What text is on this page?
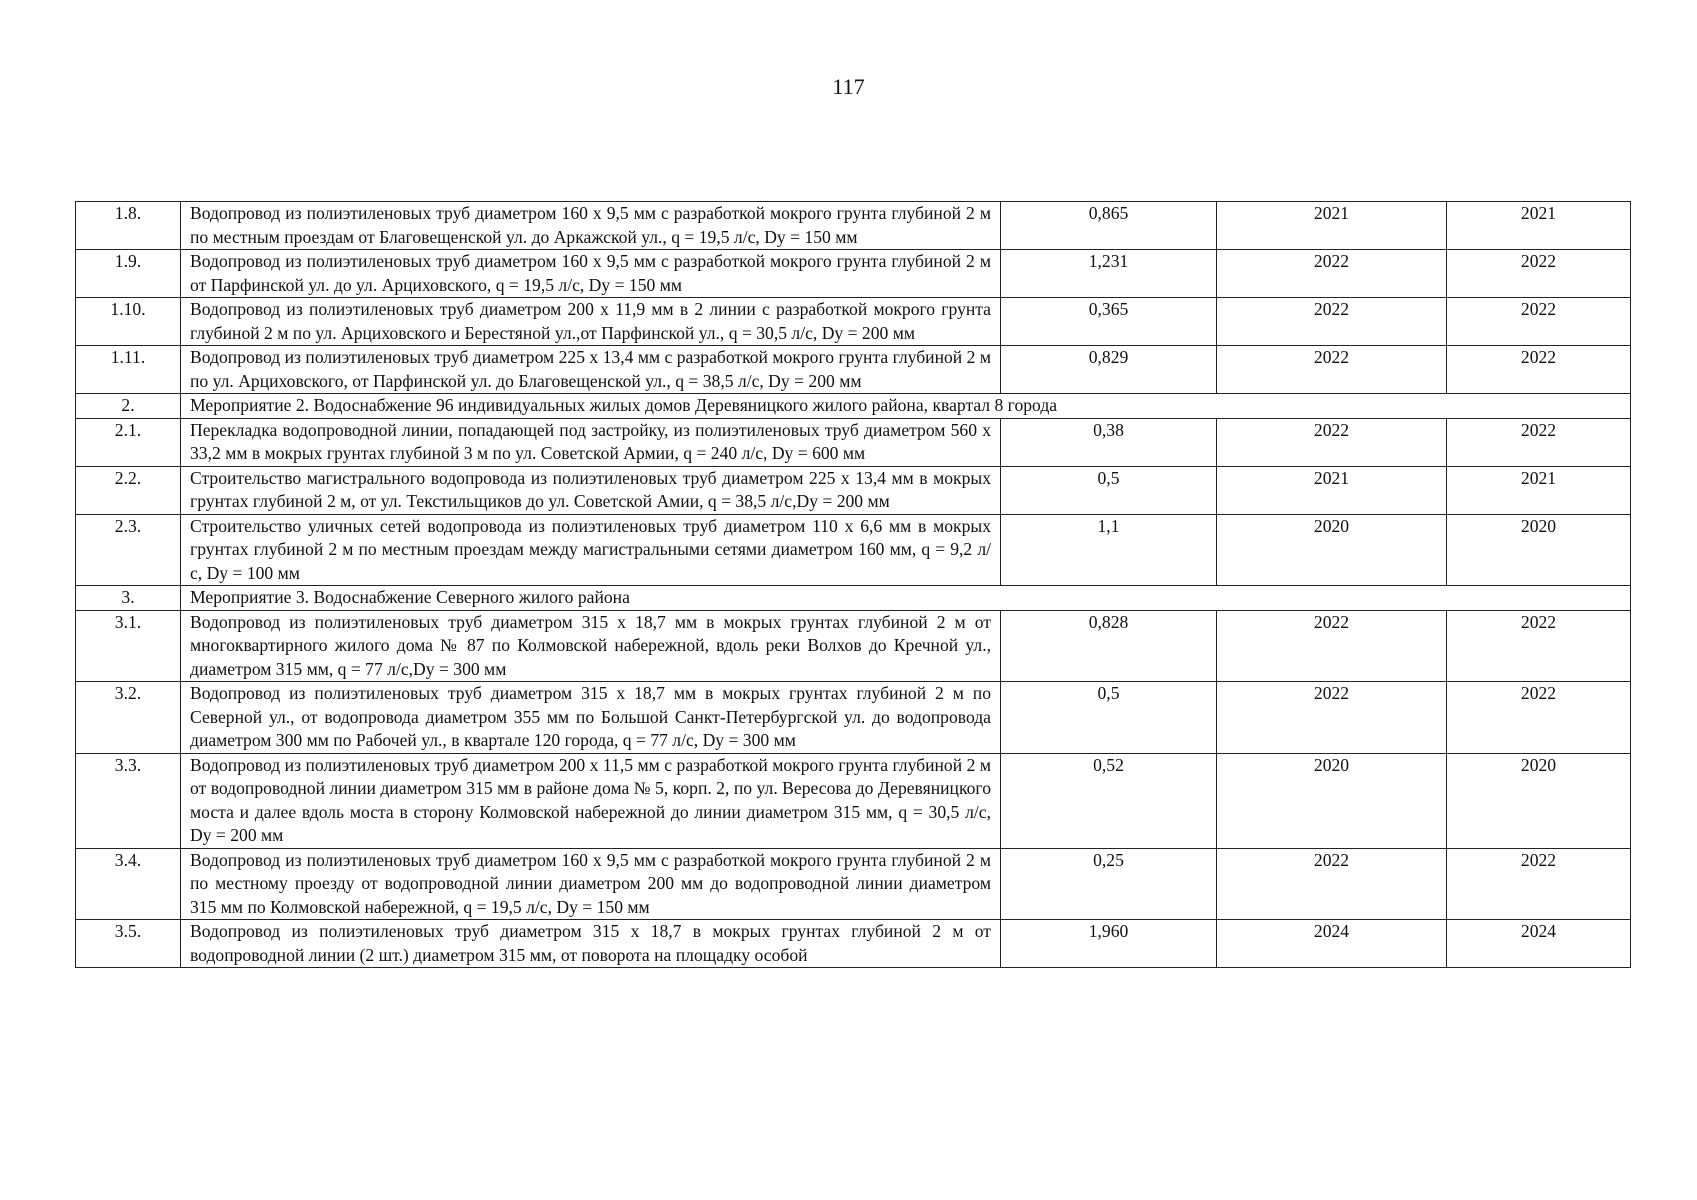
117
1.8.	Водопровод из полиэтиленовых труб диаметром 160 х 9,5 мм с разработкой мокрого грунта глубиной 2 м по местным проездам от Благовещенской ул. до Аркажской ул., q = 19,5 л/с, Dy = 150 мм	0,865	2021	2021
1.9.	Водопровод из полиэтиленовых труб диаметром 160 х 9,5 мм с разработкой мокрого грунта глубиной 2 м от Парфинской ул. до ул. Арциховского, q = 19,5 л/с, Dy = 150 мм	1,231	2022	2022
1.10.	Водопровод из полиэтиленовых труб диаметром 200 х 11,9 мм в 2 линии с разработкой мокрого грунта глубиной 2 м по ул. Арциховского и Берестяной ул.,от Парфинской ул., q = 30,5 л/с, Dy = 200 мм	0,365	2022	2022
1.11.	Водопровод из полиэтиленовых труб диаметром 225 х 13,4 мм с разработкой мокрого грунта глубиной 2 м по ул. Арциховского, от Парфинской ул. до Благовещенской ул., q = 38,5 л/с, Dy = 200 мм	0,829	2022	2022
2.	Мероприятие 2. Водоснабжение 96 индивидуальных жилых домов Деревяницкого жилого района, квартал 8 города			
2.1.	Перекладка водопроводной линии, попадающей под застройку, из полиэтиленовых труб диаметром 560 х 33,2 мм в мокрых грунтах глубиной 3 м по ул. Советской Армии, q = 240 л/с, Dy = 600 мм	0,38	2022	2022
2.2.	Строительство магистрального водопровода из полиэтиленовых труб диаметром 225 х 13,4 мм в мокрых грунтах глубиной 2 м, от ул. Текстильщиков до ул. Советской Амии, q = 38,5 л/с,Dy = 200 мм	0,5	2021	2021
2.3.	Строительство уличных сетей водопровода из полиэтиленовых труб диаметром 110 х 6,6 мм в мокрых грунтах глубиной 2 м по местным проездам между магистральными сетями диаметром 160 мм, q = 9,2 л/с, Dy = 100 мм	1,1	2020	2020
3.	Мероприятие 3. Водоснабжение Северного жилого района			
3.1.	Водопровод из полиэтиленовых труб диаметром 315 х 18,7 мм в мокрых грунтах глубиной 2 м от многоквартирного жилого дома № 87 по Колмовской набережной, вдоль реки Волхов до Кречной ул., диаметром 315 мм, q = 77 л/с,Dy = 300 мм	0,828	2022	2022
3.2.	Водопровод из полиэтиленовых труб диаметром 315 х 18,7 мм в мокрых грунтах глубиной 2 м по Северной ул., от водопровода диаметром 355 мм по Большой Санкт-Петербургской ул. до водопровода диаметром 300 мм по Рабочей ул., в квартале 120 города, q = 77 л/с, Dy = 300 мм	0,5	2022	2022
3.3.	Водопровод из полиэтиленовых труб диаметром 200 х 11,5 мм с разработкой мокрого грунта глубиной 2 м от водопроводной линии диаметром 315 мм в районе дома № 5, корп. 2, по ул. Вересова до Деревяницкого моста и далее вдоль моста в сторону Колмовской набережной до линии диаметром 315 мм, q = 30,5 л/с, Dy = 200 мм	0,52	2020	2020
3.4.	Водопровод из полиэтиленовых труб диаметром 160 х 9,5 мм с разработкой мокрого грунта глубиной 2 м по местному проезду от водопроводной линии диаметром 200 мм до водопроводной линии диаметром 315 мм по Колмовской набережной, q = 19,5 л/с, Dy = 150 мм	0,25	2022	2022
3.5.	Водопровод из полиэтиленовых труб диаметром 315 х 18,7 в мокрых грунтах глубиной 2 м от водопроводной линии (2 шт.) диаметром 315 мм, от поворота на площадку особой	1,960	2024	2024
